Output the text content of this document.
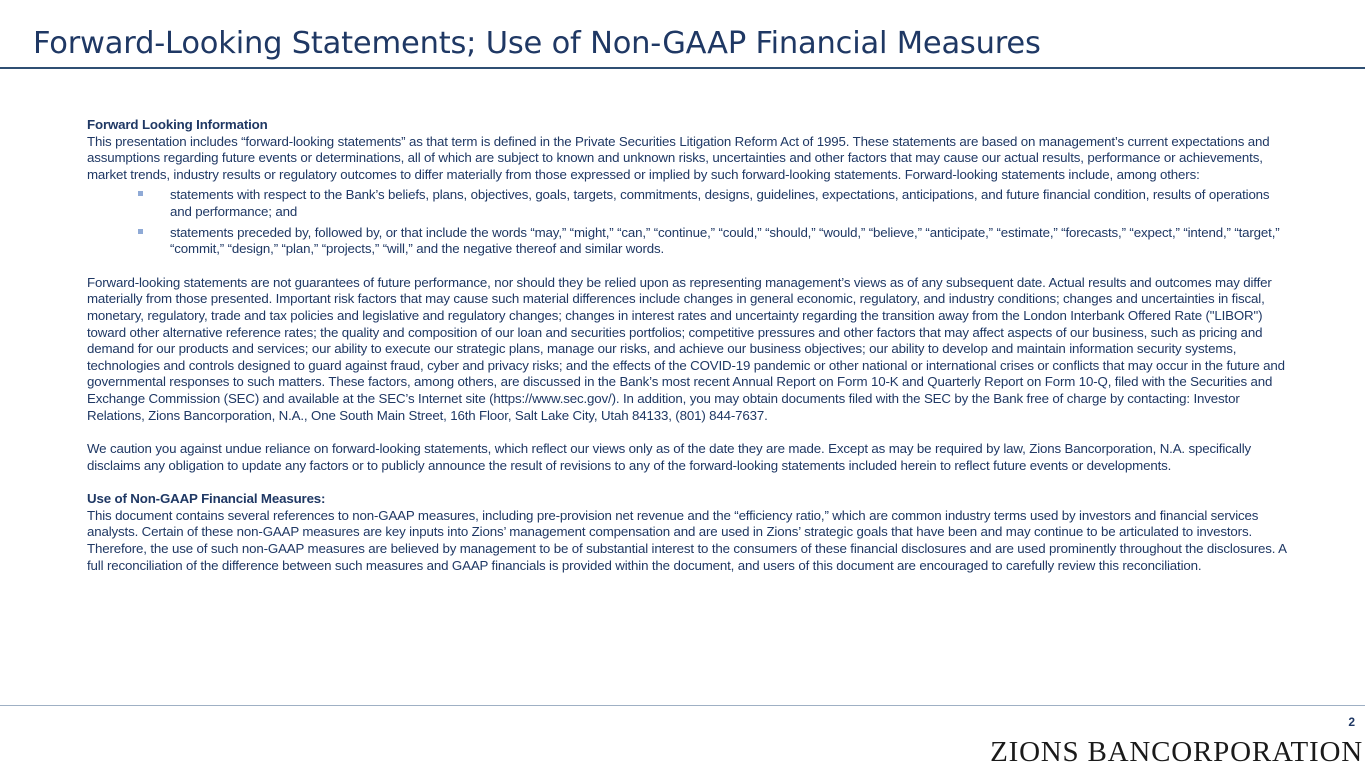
Forward-Looking Statements; Use of Non-GAAP Financial Measures

Forward Looking Information

This presentation includes “forward-looking statements” as that term is defined in the Private Securities Litigation Reform Act of 1995. These statements are based on management’s current expectations and assumptions regarding future events or determinations, all of which are subject to known and unknown risks, uncertainties and other factors that may cause our actual results, performance or achievements, market trends, industry results or regulatory outcomes to differ materially from those expressed or implied by such forward-looking statements. Forward-looking statements include, among others:

statements with respect to the Bank’s beliefs, plans, objectives, goals, targets, commitments, designs, guidelines, expectations, anticipations, and future financial condition, results of operations and performance; and
statements preceded by, followed by, or that include the words “may,” “might,” “can,” “continue,” “could,” “should,” “would,” “believe,” “anticipate,” “estimate,” “forecasts,” “expect,” “intend,” “target,” “commit,” “design,” “plan,” “projects,” “will,” and the negative thereof and similar words.

Forward-looking statements are not guarantees of future performance, nor should they be relied upon as representing management’s views as of any subsequent date. Actual results and outcomes may differ materially from those presented. Important risk factors that may cause such material differences include changes in general economic, regulatory, and industry conditions; changes and uncertainties in fiscal, monetary, regulatory, trade and tax policies and legislative and regulatory changes; changes in interest rates and uncertainty regarding the transition away from the London Interbank Offered Rate ("LIBOR") toward other alternative reference rates; the quality and composition of our loan and securities portfolios; competitive pressures and other factors that may affect aspects of our business, such as pricing and demand for our products and services; our ability to execute our strategic plans, manage our risks, and achieve our business objectives; our ability to develop and maintain information security systems, technologies and controls designed to guard against fraud, cyber and privacy risks; and the effects of the COVID-19 pandemic or other national or international crises or conflicts that may occur in the future and governmental responses to such matters. These factors, among others, are discussed in the Bank’s most recent Annual Report on Form 10-K and Quarterly Report on Form 10-Q, filed with the Securities and Exchange Commission (SEC) and available at the SEC’s Internet site (https://www.sec.gov/). In addition, you may obtain documents filed with the SEC by the Bank free of charge by contacting: Investor Relations, Zions Bancorporation, N.A., One South Main Street, 16th Floor, Salt Lake City, Utah 84133, (801) 844-7637.

We caution you against undue reliance on forward-looking statements, which reflect our views only as of the date they are made. Except as may be required by law, Zions Bancorporation, N.A. specifically disclaims any obligation to update any factors or to publicly announce the result of revisions to any of the forward-looking statements included herein to reflect future events or developments.

Use of Non-GAAP Financial Measures:

This document contains several references to non-GAAP measures, including pre-provision net revenue and the “efficiency ratio,” which are common industry terms used by investors and financial services analysts. Certain of these non-GAAP measures are key inputs into Zions’ management compensation and are used in Zions’ strategic goals that have been and may continue to be articulated to investors. Therefore, the use of such non-GAAP measures are believed by management to be of substantial interest to the consumers of these financial disclosures and are used prominently throughout the disclosures. A full reconciliation of the difference between such measures and GAAP financials is provided within the document, and users of this document are encouraged to carefully review this reconciliation.

2
ZIONS BANCORPORATION
